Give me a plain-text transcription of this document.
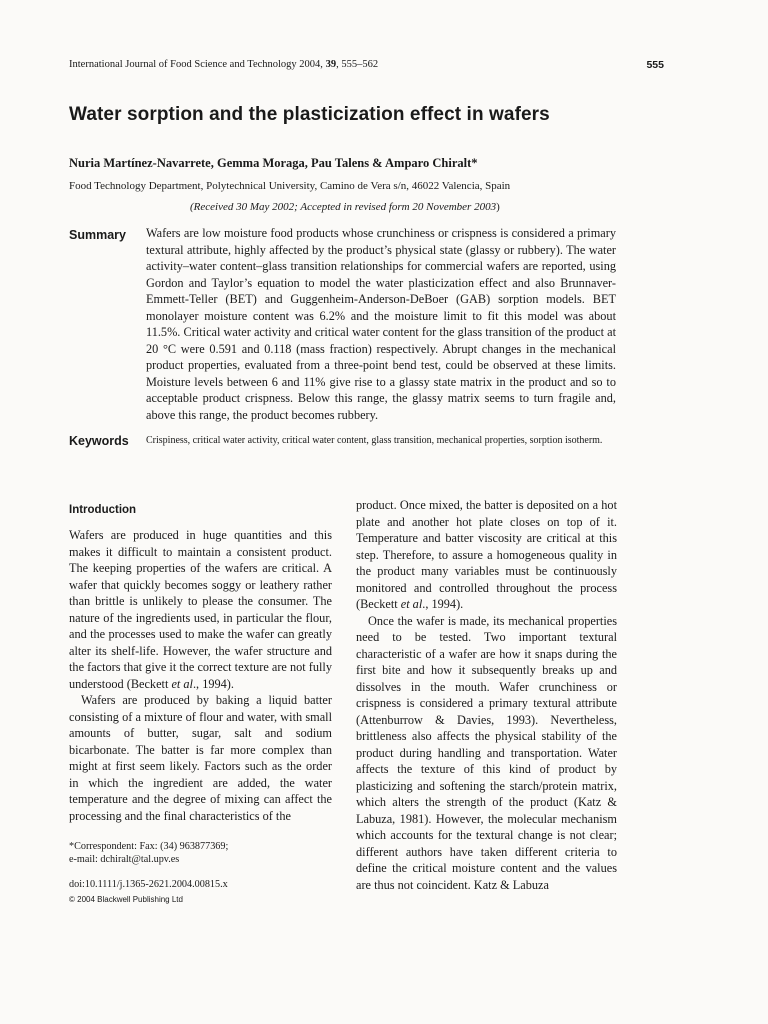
International Journal of Food Science and Technology 2004, 39, 555–562	555
Water sorption and the plasticization effect in wafers
Nuria Martínez-Navarrete, Gemma Moraga, Pau Talens & Amparo Chiralt*
Food Technology Department, Polytechnical University, Camino de Vera s/n, 46022 Valencia, Spain
(Received 30 May 2002; Accepted in revised form 20 November 2003)
Summary Wafers are low moisture food products whose crunchiness or crispness is considered a primary textural attribute, highly affected by the product’s physical state (glassy or rubbery). The water activity–water content–glass transition relationships for commercial wafers are reported, using Gordon and Taylor’s equation to model the water plasticization effect and also Brunnaver-Emmett-Teller (BET) and Guggenheim-Anderson-DeBoer (GAB) sorption models. BET monolayer moisture content was 6.2% and the moisture limit to fit this model was about 11.5%. Critical water activity and critical water content for the glass transition of the product at 20 °C were 0.591 and 0.118 (mass fraction) respectively. Abrupt changes in the mechanical product properties, evaluated from a three-point bend test, could be observed at these limits. Moisture levels between 6 and 11% give rise to a glassy state matrix in the product and so to acceptable product crispness. Below this range, the glassy matrix seems to turn fragile and, above this range, the product becomes rubbery.

Keywords Crispiness, critical water activity, critical water content, glass transition, mechanical properties, sorption isotherm.

Introduction

Wafers are produced in huge quantities and this makes it difficult to maintain a consistent product. The keeping properties of the wafers are critical. A wafer that quickly becomes soggy or leathery rather than brittle is unlikely to please the consumer. The nature of the ingredients used, in particular the flour, and the processes used to make the wafer can greatly alter its shelf-life. However, the wafer structure and the factors that give it the correct texture are not fully understood (Beckett et al., 1994).

Wafers are produced by baking a liquid batter consisting of a mixture of flour and water, with small amounts of butter, sugar, salt and sodium bicarbonate. The batter is far more complex than might at first seem likely. Factors such as the order in which the ingredient are added, the water temperature and the degree of mixing can affect the processing and the final characteristics of the

product. Once mixed, the batter is deposited on a hot plate and another hot plate closes on top of it. Temperature and batter viscosity are critical at this step. Therefore, to assure a homogeneous quality in the product many variables must be continuously monitored and controlled throughout the process (Beckett et al., 1994).

Once the wafer is made, its mechanical properties need to be tested. Two important textural characteristic of a wafer are how it snaps during the first bite and how it subsequently breaks up and dissolves in the mouth. Wafer crunchiness or crispness is considered a primary textural attribute (Attenburrow & Davies, 1993). Nevertheless, brittleness also affects the physical stability of the product during handling and transportation. Water affects the texture of this kind of product by plasticizing and softening the starch/protein matrix, which alters the strength of the product (Katz & Labuza, 1981). However, the molecular mechanism which accounts for the textural change is not clear; different authors have taken different criteria to define the critical moisture content and the values are thus not coincident. Katz & Labuza

*Correspondent: Fax: (34) 963877369;
e-mail: dchiralt@tal.upv.es
doi:10.1111/j.1365-2621.2004.00815.x
© 2004 Blackwell Publishing Ltd
